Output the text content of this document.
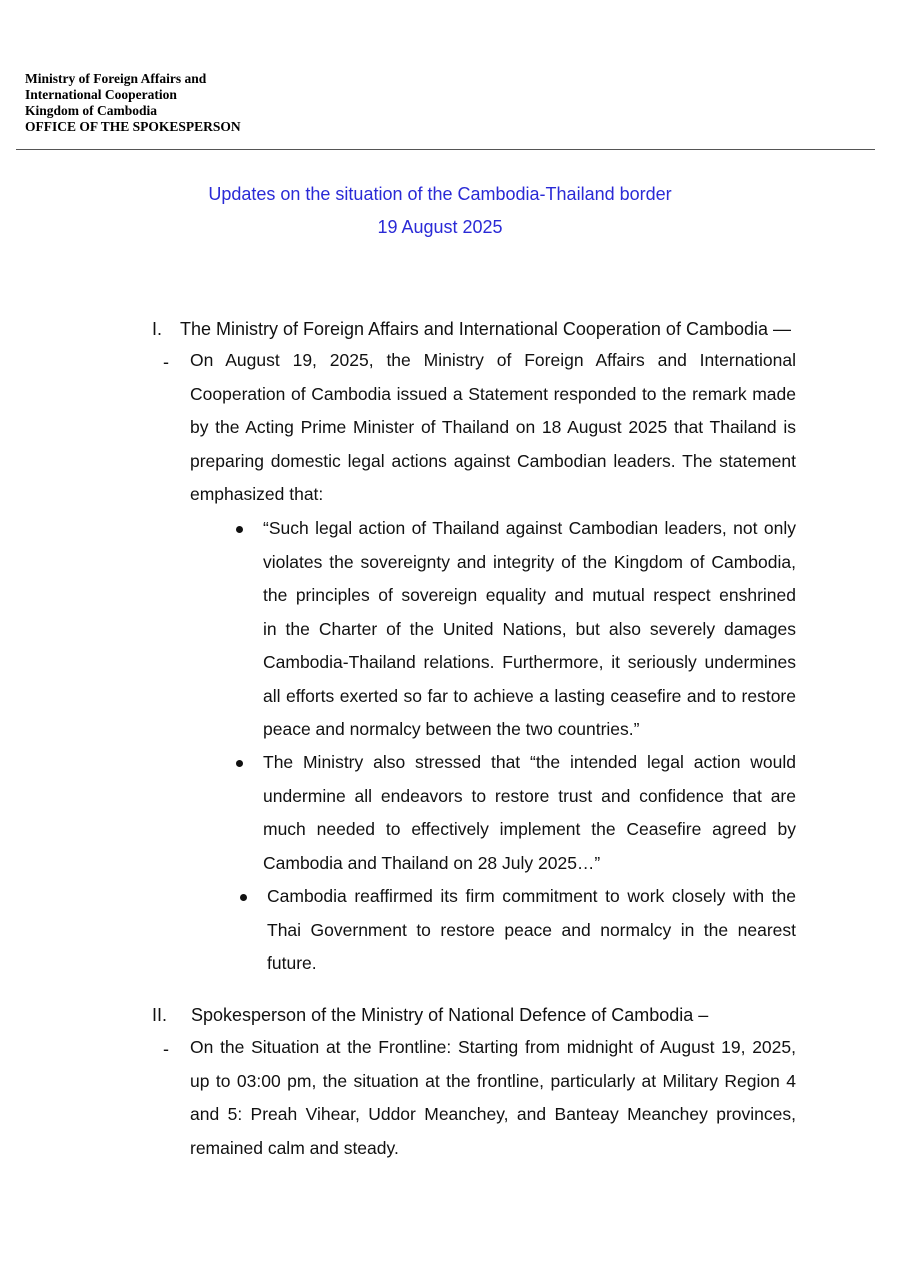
Ministry of Foreign Affairs and
International Cooperation
Kingdom of Cambodia
OFFICE OF THE SPOKESPERSON
Updates on the situation of the Cambodia-Thailand border
19 August 2025
I. The Ministry of Foreign Affairs and International Cooperation of Cambodia —
- On August 19, 2025, the Ministry of Foreign Affairs and International
Cooperation of Cambodia issued a Statement responded to the remark made
by the Acting Prime Minister of Thailand on 18 August 2025 that Thailand is
preparing domestic legal actions against Cambodian leaders. The statement
emphasized that:
“Such legal action of Thailand against Cambodian leaders, not only
violates the sovereignty and integrity of the Kingdom of Cambodia,
the principles of sovereign equality and mutual respect enshrined
in the Charter of the United Nations, but also severely damages
Cambodia-Thailand relations. Furthermore, it seriously undermines
all efforts exerted so far to achieve a lasting ceasefire and to restore
peace and normalcy between the two countries.”
The Ministry also stressed that “the intended legal action would
undermine all endeavors to restore trust and confidence that are
much needed to effectively implement the Ceasefire agreed by
Cambodia and Thailand on 28 July 2025…”
Cambodia reaffirmed its firm commitment to work closely with the
Thai Government to restore peace and normalcy in the nearest
future.
II. Spokesperson of the Ministry of National Defence of Cambodia –
- On the Situation at the Frontline: Starting from midnight of August 19, 2025,
up to 03:00 pm, the situation at the frontline, particularly at Military Region 4
and 5: Preah Vihear, Uddor Meanchey, and Banteay Meanchey provinces,
remained calm and steady.
